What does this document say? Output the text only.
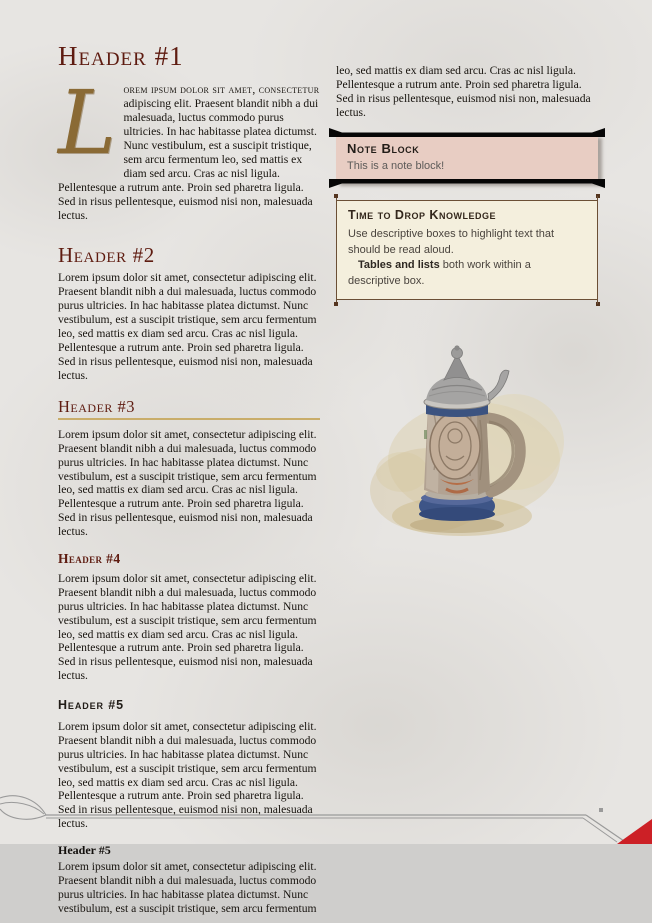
Header #1

Lorem ipsum dolor sit amet, consectetur adipiscing elit. Praesent blandit nibh a dui malesuada, luctus commodo purus ultricies. In hac habitasse platea dictumst. Nunc vestibulum, est a suscipit tristique, sem arcu fermentum leo, sed mattis ex diam sed arcu. Cras ac nisl ligula. Pellentesque a rutrum ante. Proin sed pharetra ligula. Sed in risus pellentesque, euismod nisi non, malesuada lectus.

Header #2

Lorem ipsum dolor sit amet, consectetur adipiscing elit. Praesent blandit nibh a dui malesuada, luctus commodo purus ultricies. In hac habitasse platea dictumst. Nunc vestibulum, est a suscipit tristique, sem arcu fermentum leo, sed mattis ex diam sed arcu. Cras ac nisl ligula. Pellentesque a rutrum ante. Proin sed pharetra ligula. Sed in risus pellentesque, euismod nisi non, malesuada lectus.

Header #3

Lorem ipsum dolor sit amet, consectetur adipiscing elit. Praesent blandit nibh a dui malesuada, luctus commodo purus ultricies. In hac habitasse platea dictumst. Nunc vestibulum, est a suscipit tristique, sem arcu fermentum leo, sed mattis ex diam sed arcu. Cras ac nisl ligula. Pellentesque a rutrum ante. Proin sed pharetra ligula. Sed in risus pellentesque, euismod nisi non, malesuada lectus.

Header #4

Lorem ipsum dolor sit amet, consectetur adipiscing elit. Praesent blandit nibh a dui malesuada, luctus commodo purus ultricies. In hac habitasse platea dictumst. Nunc vestibulum, est a suscipit tristique, sem arcu fermentum leo, sed mattis ex diam sed arcu. Cras ac nisl ligula. Pellentesque a rutrum ante. Proin sed pharetra ligula. Sed in risus pellentesque, euismod nisi non, malesuada lectus.

Header #5

Lorem ipsum dolor sit amet, consectetur adipiscing elit. Praesent blandit nibh a dui malesuada, luctus commodo purus ultricies. In hac habitasse platea dictumst. Nunc vestibulum, est a suscipit tristique, sem arcu fermentum leo, sed mattis ex diam sed arcu. Cras ac nisl ligula. Pellentesque a rutrum ante. Proin sed pharetra ligula. Sed in risus pellentesque, euismod nisi non, malesuada lectus.

Header #5

Lorem ipsum dolor sit amet, consectetur adipiscing elit. Praesent blandit nibh a dui malesuada, luctus commodo purus ultricies. In hac habitasse platea dictumst. Nunc vestibulum, est a suscipit tristique, sem arcu fermentum

leo, sed mattis ex diam sed arcu. Cras ac nisl ligula. Pellentesque a rutrum ante. Proin sed pharetra ligula. Sed in risus pellentesque, euismod nisi non, malesuada lectus.

Note Block
This is a note block!
Time to Drop Knowledge

Use descriptive boxes to highlight text that should be read aloud.

Tables and lists both work within a descriptive box.
